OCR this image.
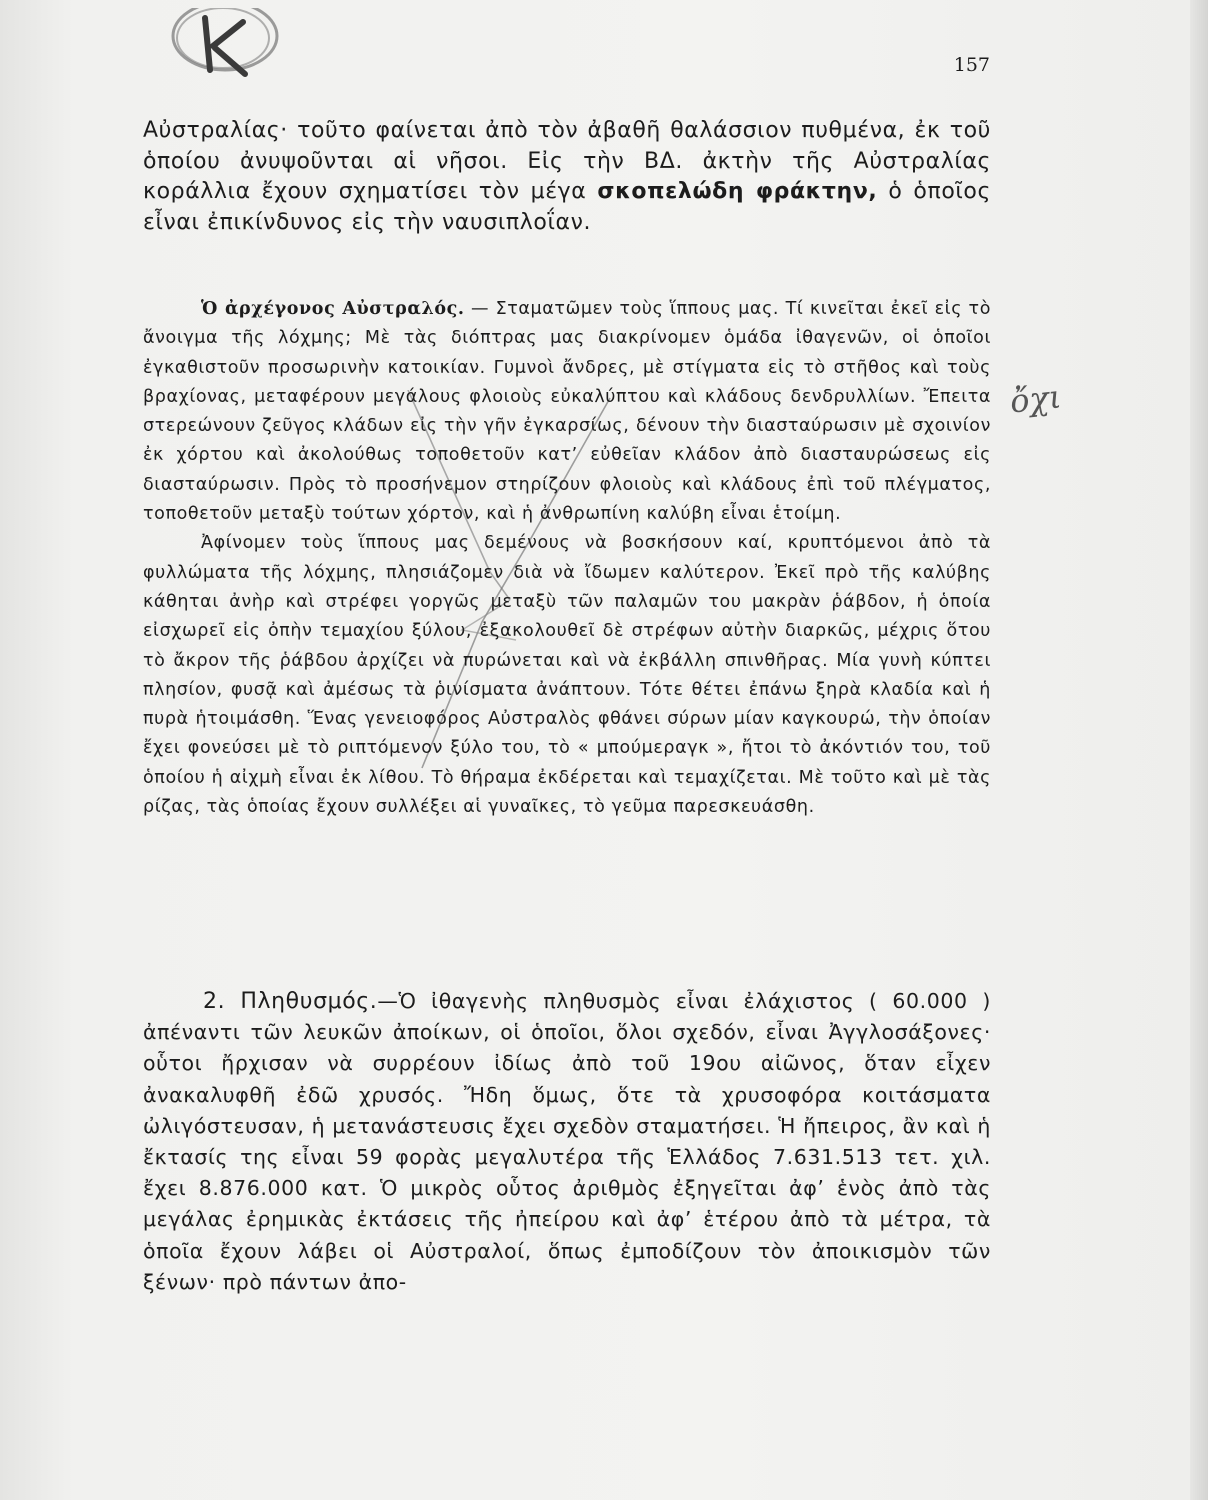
157
ὄχι

Αὐστραλίας· τοῦτο φαίνεται ἀπὸ τὸν ἀβαθῆ θαλάσσιον πυθμένα, ἐκ τοῦ ὁποίου ἀνυψοῦνται αἱ νῆσοι. Εἰς τὴν ΒΔ. ἀκτὴν τῆς Αὐστραλίας κοράλλια ἔχουν σχηματίσει τὸν μέγα σκοπελώδη φράκτην, ὁ ὁποῖος εἶναι ἐπικίνδυνος εἰς τὴν ναυσιπλοΐαν.

Ὁ ἀρχέγονος Αὐστραλός. — Σταματῶμεν τοὺς ἵππους μας. Τί κινεῖται ἐκεῖ εἰς τὸ ἄνοιγμα τῆς λόχμης; Μὲ τὰς διόπτρας μας διακρίνομεν ὁμάδα ἰθαγενῶν, οἱ ὁποῖοι ἐγκαθιστοῦν προσωρινὴν κατοικίαν. Γυμνοὶ ἄνδρες, μὲ στίγματα εἰς τὸ στῆθος καὶ τοὺς βραχίονας, μεταφέρουν μεγάλους φλοιοὺς εὐκαλύπτου καὶ κλάδους δενδρυλλίων. Ἔπειτα στερεώνουν ζεῦγος κλάδων εἰς τὴν γῆν ἐγκαρσίως, δένουν τὴν διασταύρωσιν μὲ σχοινίον ἐκ χόρτου καὶ ἀκολούθως τοποθετοῦν κατ’ εὐθεῖαν κλάδον ἀπὸ διασταυρώσεως εἰς διασταύρωσιν. Πρὸς τὸ προσήνεμον στηρίζουν φλοιοὺς καὶ κλάδους ἐπὶ τοῦ πλέγματος, τοποθετοῦν μεταξὺ τούτων χόρτον, καὶ ἡ ἀνθρωπίνη καλύβη εἶναι ἑτοίμη.

Ἀφίνομεν τοὺς ἵππους μας δεμένους νὰ βοσκήσουν καί, κρυπτόμενοι ἀπὸ τὰ φυλλώματα τῆς λόχμης, πλησιάζομεν διὰ νὰ ἴδωμεν καλύτερον. Ἐκεῖ πρὸ τῆς καλύβης κάθηται ἀνὴρ καὶ στρέφει γοργῶς μεταξὺ τῶν παλαμῶν του μακρὰν ῥάβδον, ἡ ὁποία εἰσχωρεῖ εἰς ὀπὴν τεμαχίου ξύλου, ἐξακολουθεῖ δὲ στρέφων αὐτὴν διαρκῶς, μέχρις ὅτου τὸ ἄκρον τῆς ῥάβδου ἀρχίζει νὰ πυρώνεται καὶ νὰ ἐκβάλλη σπινθῆρας. Μία γυνὴ κύπτει πλησίον, φυσᾷ καὶ ἀμέσως τὰ ῥινίσματα ἀνάπτουν. Τότε θέτει ἐπάνω ξηρὰ κλαδία καὶ ἡ πυρὰ ἡτοιμάσθη. Ἕνας γενειοφόρος Αὐστραλὸς φθάνει σύρων μίαν καγκουρώ, τὴν ὁποίαν ἔχει φονεύσει μὲ τὸ ριπτόμενον ξύλο του, τὸ « μπούμεραγκ », ἤτοι τὸ ἀκόντιόν του, τοῦ ὁποίου ἡ αἰχμὴ εἶναι ἐκ λίθου. Τὸ θήραμα ἐκδέρεται καὶ τεμαχίζεται. Μὲ τοῦτο καὶ μὲ τὰς ρίζας, τὰς ὁποίας ἔχουν συλλέξει αἱ γυναῖκες, τὸ γεῦμα παρεσκευάσθη.

2. Πληθυσμός.—Ὁ ἰθαγενὴς πληθυσμὸς εἶναι ἐλάχιστος ( 60.000 ) ἀπέναντι τῶν λευκῶν ἀποίκων, οἱ ὁποῖοι, ὅλοι σχεδόν, εἶναι Ἀγγλοσάξονες· οὗτοι ἤρχισαν νὰ συρρέουν ἰδίως ἀπὸ τοῦ 19ου αἰῶνος, ὅταν εἶχεν ἀνακαλυφθῆ ἐδῶ χρυσός. Ἤδη ὅμως, ὅτε τὰ χρυσοφόρα κοιτάσματα ὠλιγόστευσαν, ἡ μετανάστευσις ἔχει σχεδὸν σταματήσει. Ἡ ἤπειρος, ἂν καὶ ἡ ἔκτασίς της εἶναι 59 φορὰς μεγαλυτέρα τῆς Ἑλλάδος 7.631.513 τετ. χιλ. ἔχει 8.876.000 κατ. Ὁ μικρὸς οὗτος ἀριθμὸς ἐξηγεῖται ἀφ’ ἑνὸς ἀπὸ τὰς μεγάλας ἐρημικὰς ἐκτάσεις τῆς ἠπείρου καὶ ἀφ’ ἑτέρου ἀπὸ τὰ μέτρα, τὰ ὁποῖα ἔχουν λάβει οἱ Αὐστραλοί, ὅπως ἐμποδίζουν τὸν ἀποικισμὸν τῶν ξένων· πρὸ πάντων ἀπο-
